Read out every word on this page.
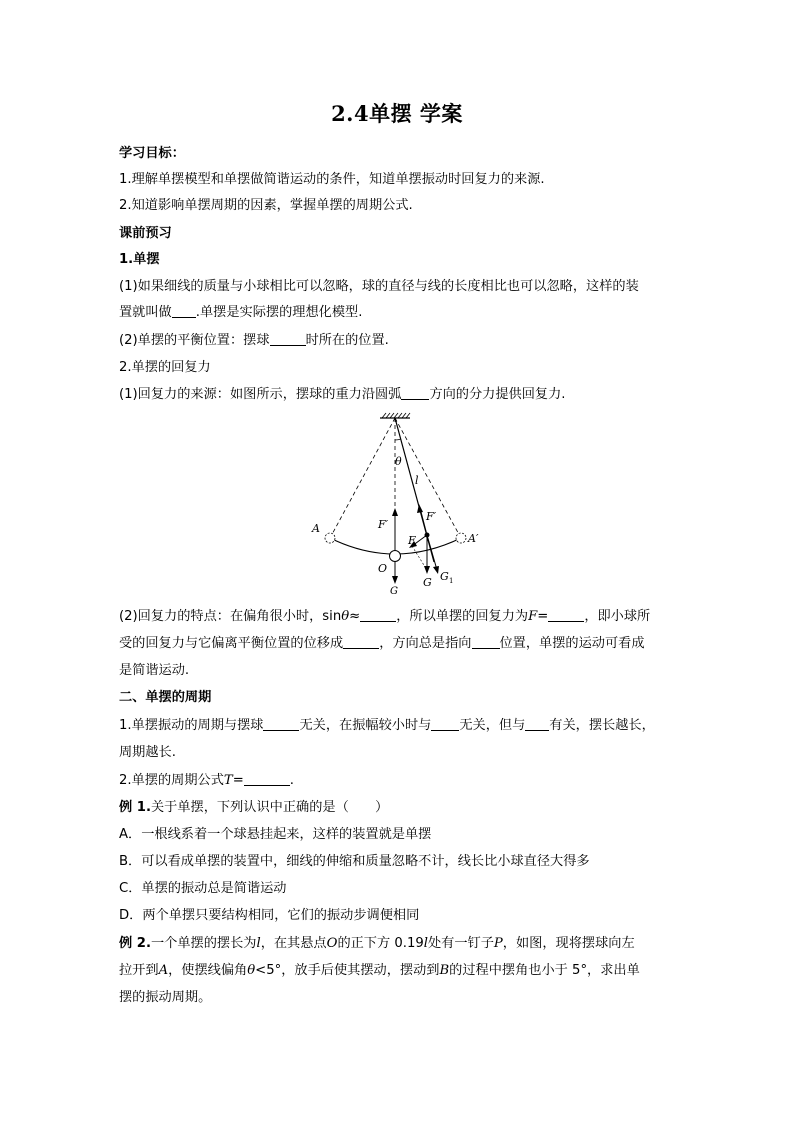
2.4单摆 学案
学习目标：
1.理解单摆模型和单摆做简谐运动的条件，知道单摆振动时回复力的来源.
2.知道影响单摆周期的因素，掌握单摆的周期公式.
课前预习
1.单摆
(1)如果细线的质量与小球相比可以忽略，球的直径与线的长度相比也可以忽略，这样的装
置就叫做 .单摆是实际摆的理想化模型.
(2)单摆的平衡位置：摆球	时所在的位置.
2.单摆的回复力
(1)回复力的来源：如图所示，摆球的重力沿圆弧 方向的分力提供回复力.
θ
l
F′
F′
F
A
A′
O
G
G G 1
(2)回复力的特点：在偏角很小时，sinθ≈	，所以单摆的回复力为F=	，即小球所
受的回复力与它偏离平衡位置的位移成	，方向总是指向 位置，单摆的运动可看成
是简谐运动.
二、单摆的周期
1.单摆振动的周期与摆球	无关，在振幅较小时与 无关，但与 有关，摆长越长，
周期越长.
2.单摆的周期公式T=	.
例 1.关于单摆，下列认识中正确的是（　　）
A．一根线系着一个球悬挂起来，这样的装置就是单摆
B．可以看成单摆的装置中，细线的伸缩和质量忽略不计，线长比小球直径大得多
C．单摆的振动总是简谐运动
D．两个单摆只要结构相同，它们的振动步调便相同
例 2.一个单摆的摆长为l，在其悬点O的正下方 0.19l处有一钉子P，如图，现将摆球向左
拉开到A，使摆线偏角θ<5°，放手后使其摆动，摆动到B的过程中摆角也小于 5°，求出单
摆的振动周期。
